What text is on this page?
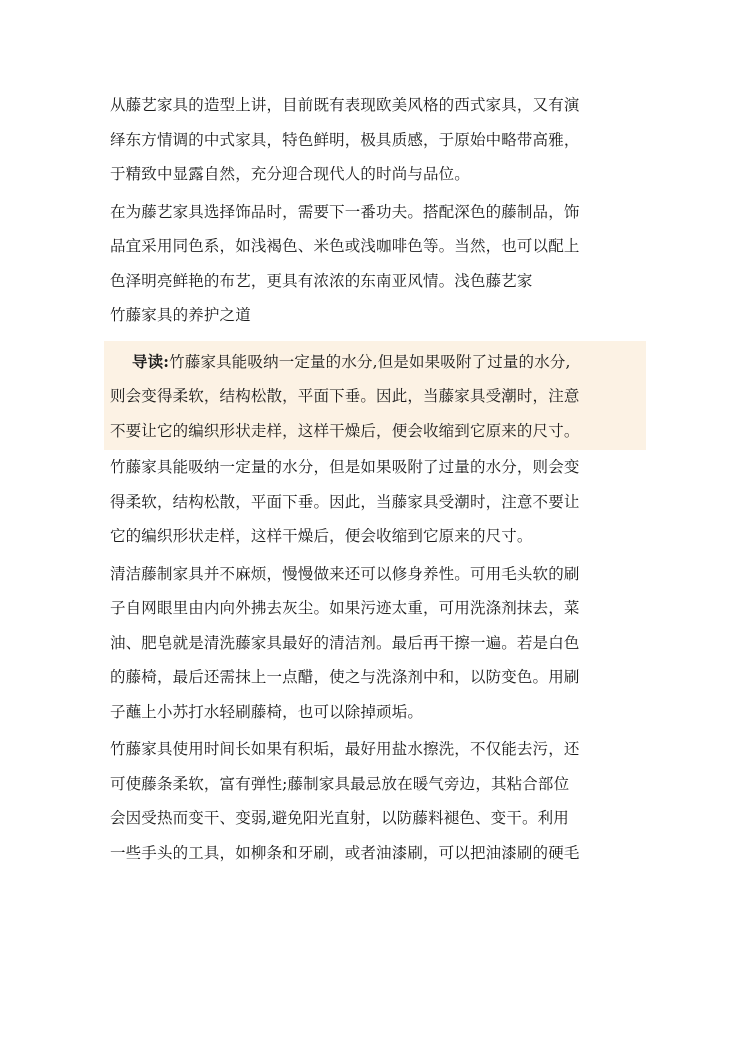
从藤艺家具的造型上讲，目前既有表现欧美风格的西式家具，又有演
绎东方情调的中式家具，特色鲜明，极具质感，于原始中略带高雅，
于精致中显露自然，充分迎合现代人的时尚与品位。
在为藤艺家具选择饰品时，需要下一番功夫。搭配深色的藤制品，饰
品宜采用同色系，如浅褐色、米色或浅咖啡色等。当然，也可以配上
色泽明亮鲜艳的布艺，更具有浓浓的东南亚风情。浅色藤艺家
竹藤家具的养护之道
导读:竹藤家具能吸纳一定量的水分,但是如果吸附了过量的水分,
则会变得柔软，结构松散，平面下垂。因此，当藤家具受潮时，注意
不要让它的编织形状走样，这样干燥后，便会收缩到它原来的尺寸。
竹藤家具能吸纳一定量的水分，但是如果吸附了过量的水分，则会变
得柔软，结构松散，平面下垂。因此，当藤家具受潮时，注意不要让
它的编织形状走样，这样干燥后，便会收缩到它原来的尺寸。
清洁藤制家具并不麻烦，慢慢做来还可以修身养性。可用毛头软的刷
子自网眼里由内向外拂去灰尘。如果污迹太重，可用洗涤剂抹去，菜
油、肥皂就是清洗藤家具最好的清洁剂。最后再干擦一遍。若是白色
的藤椅，最后还需抹上一点醋，使之与洗涤剂中和，以防变色。用刷
子蘸上小苏打水轻刷藤椅，也可以除掉顽垢。
竹藤家具使用时间长如果有积垢，最好用盐水擦洗，不仅能去污，还
可使藤条柔软，富有弹性;藤制家具最忌放在暖气旁边，其粘合部位
会因受热而变干、变弱,避免阳光直射，以防藤料褪色、变干。利用
一些手头的工具，如柳条和牙刷，或者油漆刷，可以把油漆刷的硬毛
